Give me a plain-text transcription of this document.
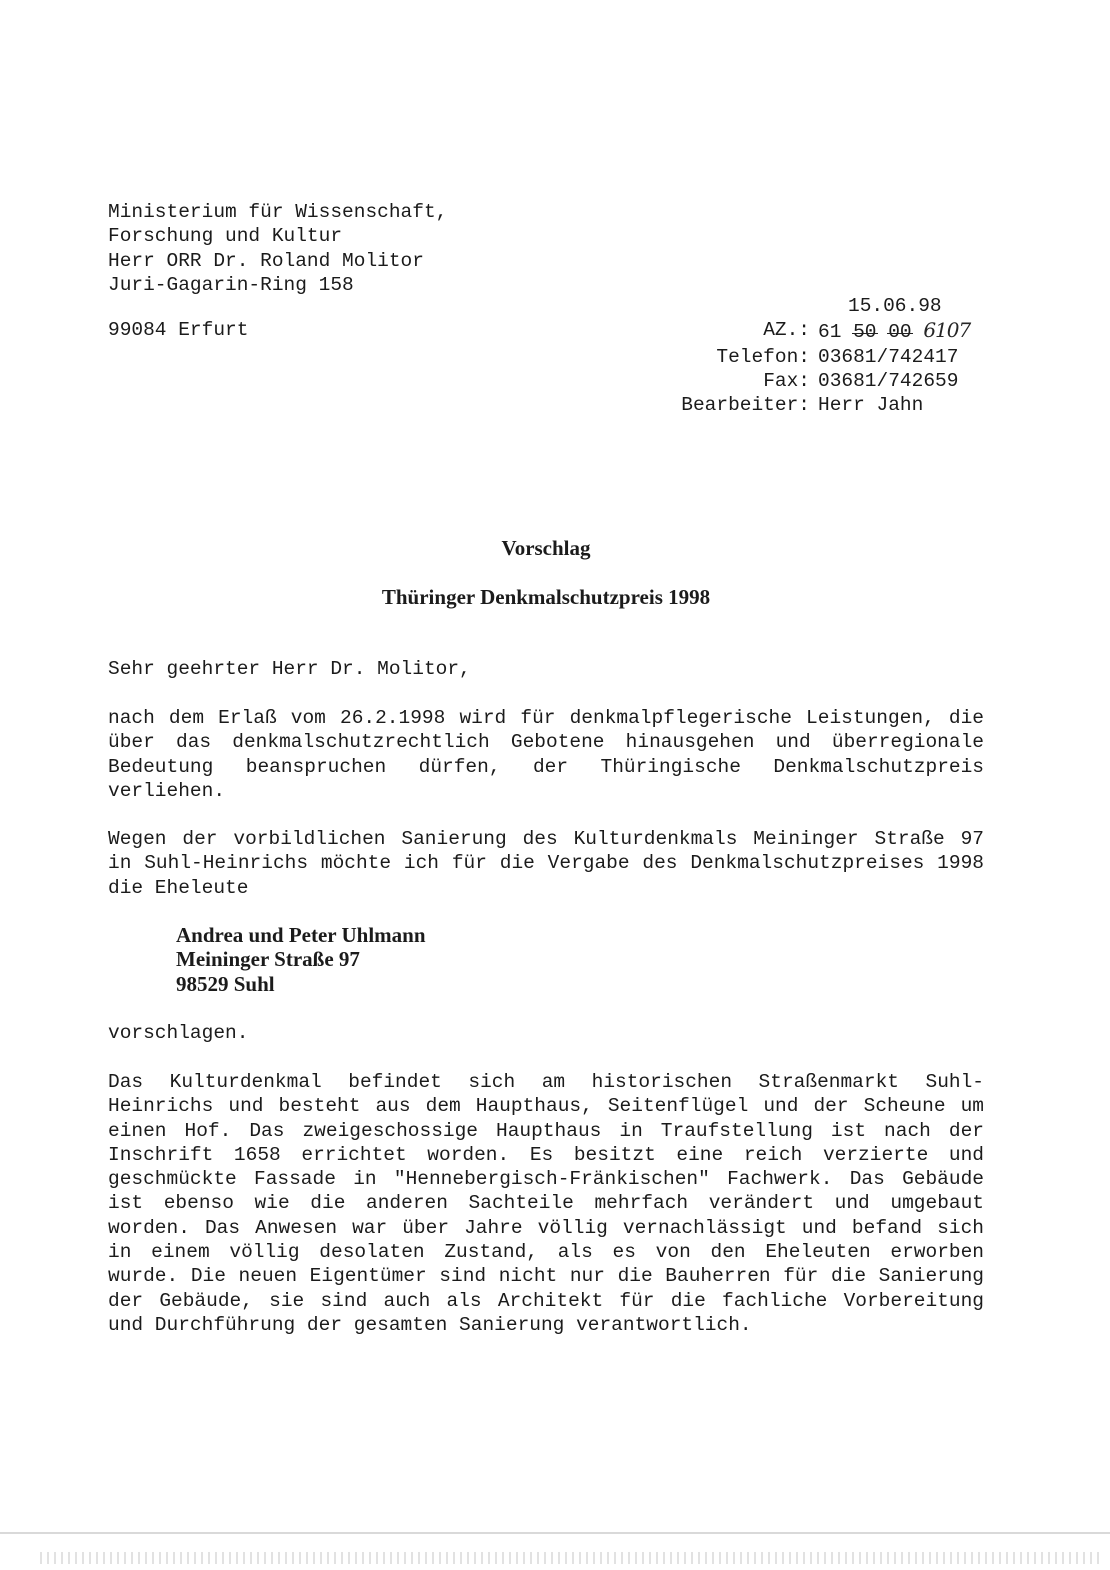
Ministerium für Wissenschaft,
Forschung und Kultur
Herr ORR Dr. Roland Molitor
Juri-Gagarin-Ring 158
99084 Erfurt
15.06.98
AZ.: 61 50 00 6107
Telefon: 03681/742417
Fax: 03681/742659
Bearbeiter: Herr Jahn
Vorschlag
Thüringer Denkmalschutzpreis 1998
Sehr geehrter Herr Dr. Molitor,

nach dem Erlaß vom 26.2.1998 wird für denkmalpflegerische Leistungen, die über das denkmalschutzrechtlich Gebotene hinausgehen und überregionale Bedeutung beanspruchen dürfen, der Thüringische Denkmalschutzpreis verliehen.

Wegen der vorbildlichen Sanierung des Kulturdenkmals Meininger Straße 97 in Suhl-Heinrichs möchte ich für die Vergabe des Denkmalschutzpreises 1998 die Eheleute

Andrea und Peter Uhlmann
Meininger Straße 97
98529 Suhl

vorschlagen.

Das Kulturdenkmal befindet sich am historischen Straßenmarkt Suhl-Heinrichs und besteht aus dem Haupthaus, Seitenflügel und der Scheune um einen Hof. Das zweigeschossige Haupthaus in Traufstellung ist nach der Inschrift 1658 errichtet worden. Es besitzt eine reich verzierte und geschmückte Fassade in "Hennebergisch-Fränkischen" Fachwerk. Das Gebäude ist ebenso wie die anderen Sachteile mehrfach verändert und umgebaut worden. Das Anwesen war über Jahre völlig vernachlässigt und befand sich in einem völlig desolaten Zustand, als es von den Eheleuten erworben wurde. Die neuen Eigentümer sind nicht nur die Bauherren für die Sanierung der Gebäude, sie sind auch als Architekt für die fachliche Vorbereitung und Durchführung der gesamten Sanierung verantwortlich.
